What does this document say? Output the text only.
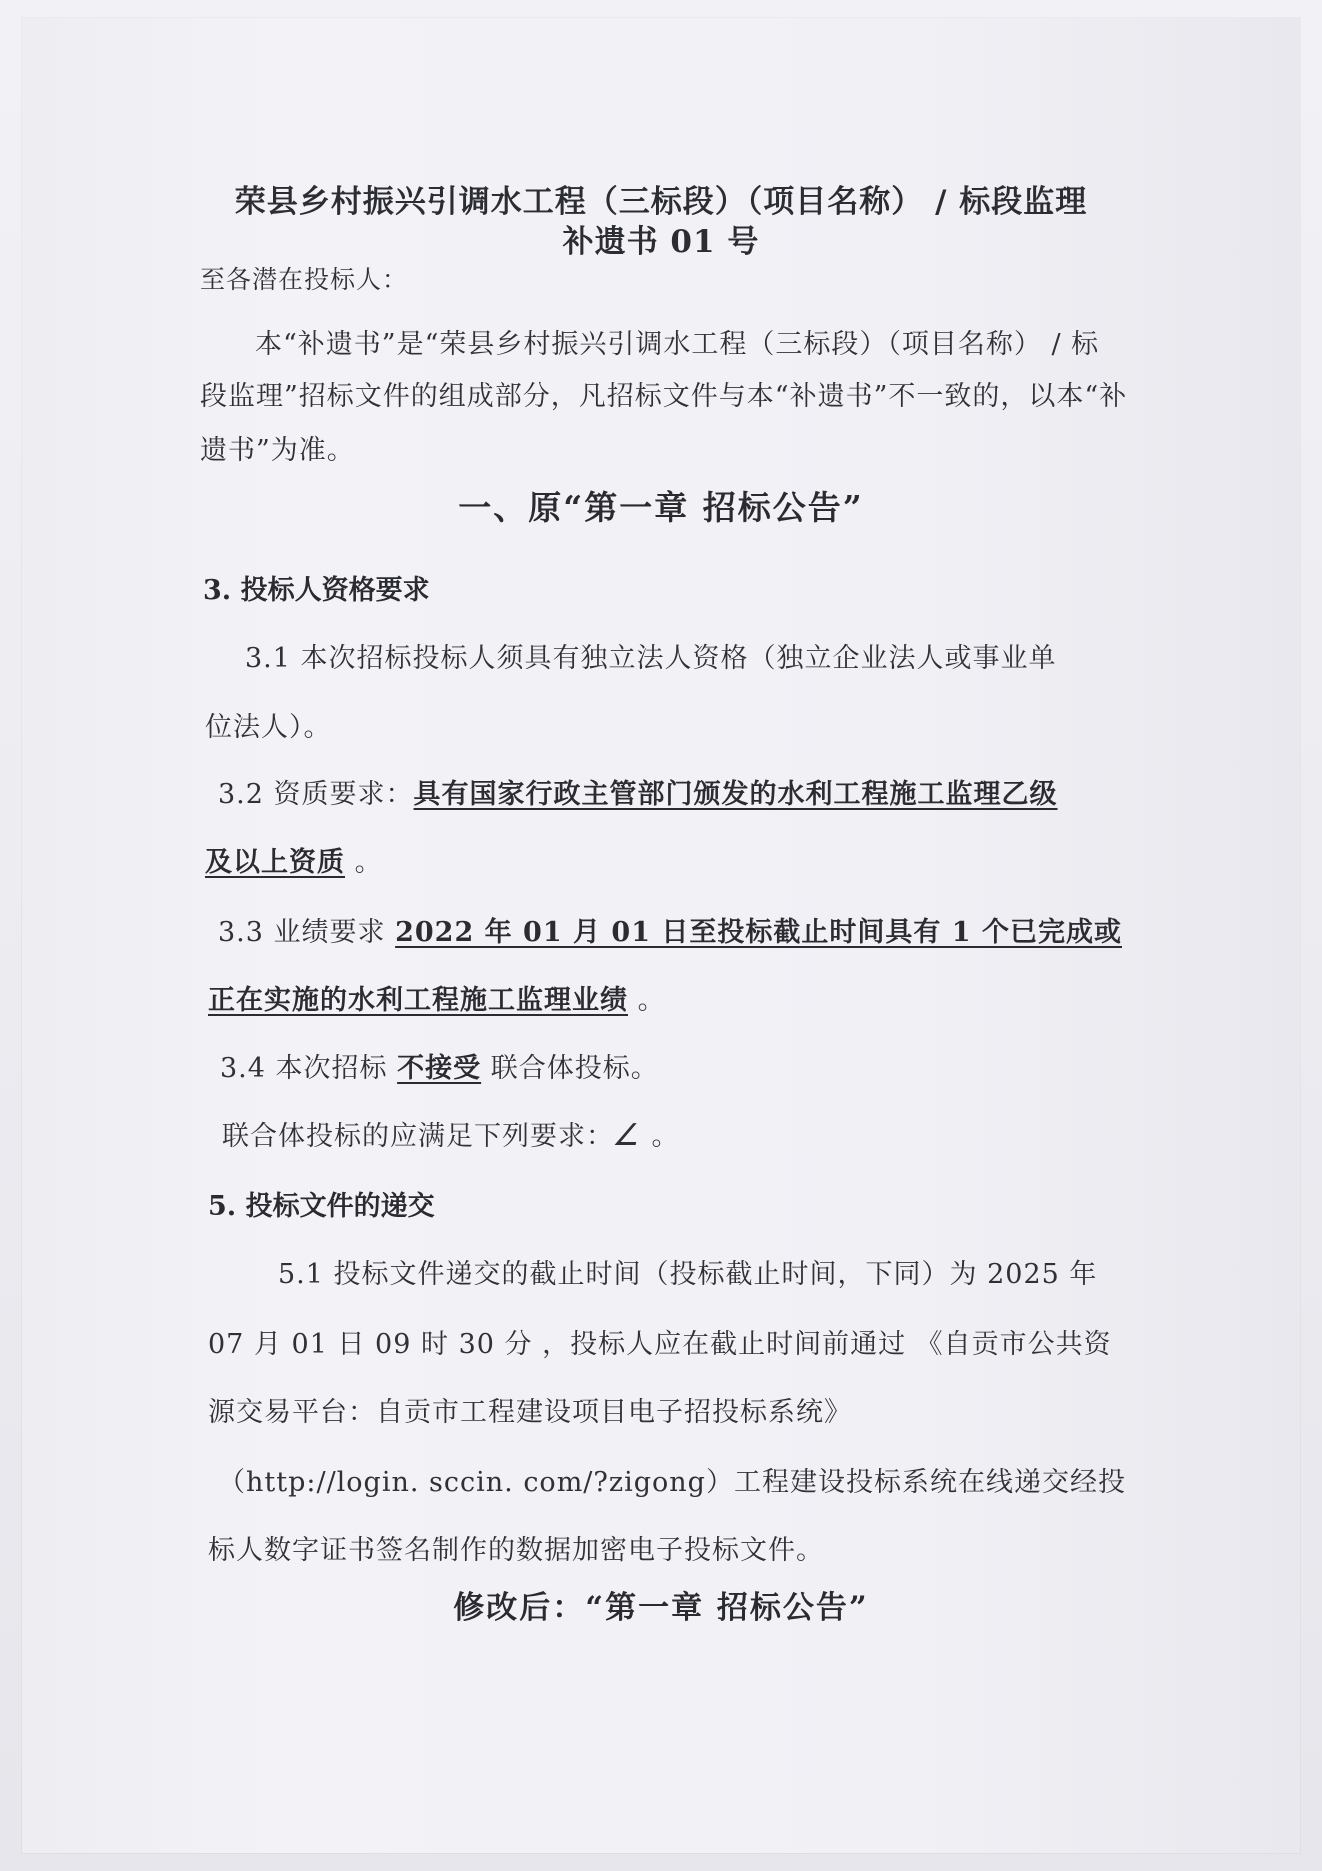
荣县乡村振兴引调水工程（三标段）（项目名称） / 标段监理
补遗书 01 号
至各潜在投标人：
本“补遗书”是“荣县乡村振兴引调水工程（三标段）（项目名称） / 标
段监理”招标文件的组成部分，凡招标文件与本“补遗书”不一致的，以本“补
遗书”为准。
一、原“第一章 招标公告”
3. 投标人资格要求
3.1 本次招标投标人须具有独立法人资格（独立企业法人或事业单
位法人）。
3.2 资质要求：具有国家行政主管部门颁发的水利工程施工监理乙级
及以上资质 。
3.3 业绩要求 2022 年 01 月 01 日至投标截止时间具有 1 个已完成或
正在实施的水利工程施工监理业绩 。
3.4 本次招标 不接受 联合体投标。
联合体投标的应满足下列要求：∠ 。
5. 投标文件的递交
5.1 投标文件递交的截止时间（投标截止时间，下同）为 2025 年
07 月 01 日 09 时 30 分 ，投标人应在截止时间前通过 《自贡市公共资
源交易平台：自贡市工程建设项目电子招投标系统》
（http://login. sccin. com/?zigong）工程建设投标系统在线递交经投
标人数字证书签名制作的数据加密电子投标文件。
修改后：“第一章 招标公告”
